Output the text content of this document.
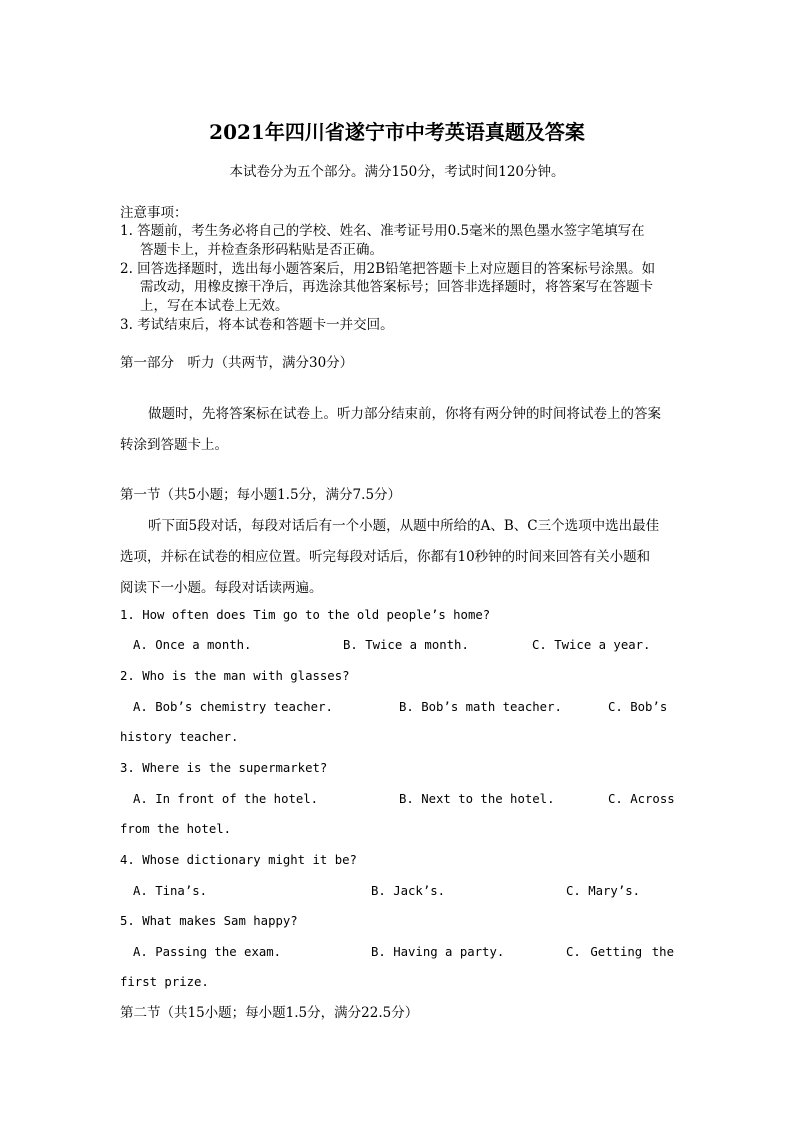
2021年四川省遂宁市中考英语真题及答案
本试卷分为五个部分。满分150分，考试时间120分钟。
注意事项：
1. 答题前，考生务必将自己的学校、姓名、准考证号用0.5毫米的黑色墨水签字笔填写在
答题卡上，并检查条形码粘贴是否正确。
2. 回答选择题时，选出每小题答案后，用2B铅笔把答题卡上对应题目的答案标号涂黑。如
需改动，用橡皮擦干净后，再选涂其他答案标号；回答非选择题时，将答案写在答题卡
上，写在本试卷上无效。
3. 考试结束后，将本试卷和答题卡一并交回。
第一部分　听力（共两节，满分30分）
做题时，先将答案标在试卷上。听力部分结束前，你将有两分钟的时间将试卷上的答案
转涂到答题卡上。
第一节（共5小题；每小题1.5分，满分7.5分）
听下面5段对话，每段对话后有一个小题，从题中所给的A、B、C三个选项中选出最佳
选项，并标在试卷的相应位置。听完每段对话后，你都有10秒钟的时间来回答有关小题和
阅读下一小题。每段对话读两遍。
1. How often does Tim go to the old people’s home?
A. Once a month.	B. Twice a month.	C. Twice a year.
2. Who is the man with glasses?
A. Bob’s chemistry teacher.	B. Bob’s math teacher.	C. Bob’s
history teacher.
3. Where is the supermarket?
A. In front of the hotel.	B. Next to the hotel.	C. Across
from the hotel.
4. Whose dictionary might it be?
A. Tina’s.	B. Jack’s.	C. Mary’s.
5. What makes Sam happy?
A. Passing the exam.	B. Having a party.	C. Getting the
first prize.
第二节（共15小题；每小题1.5分，满分22.5分）
